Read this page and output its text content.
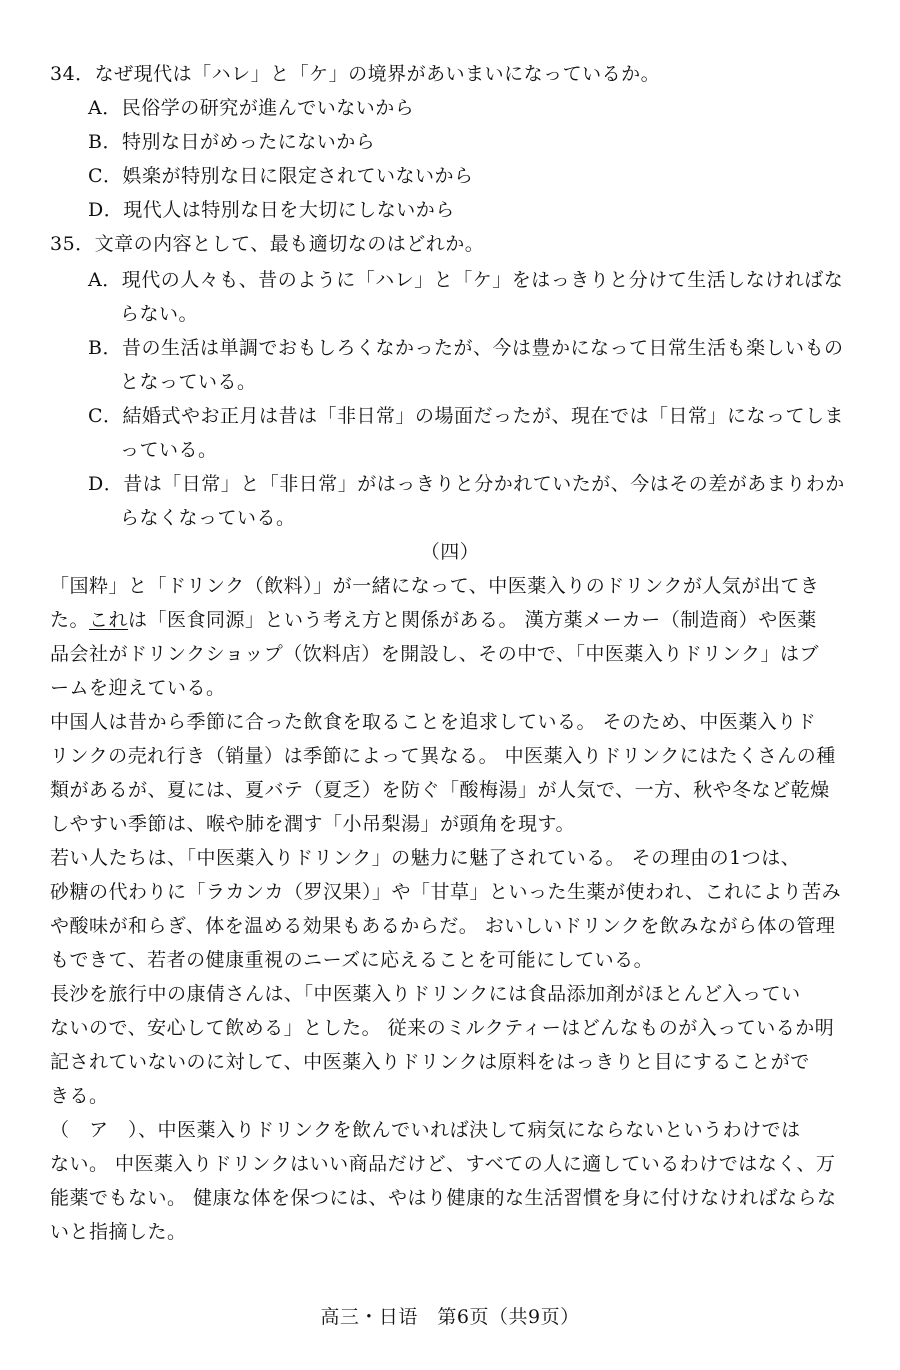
34．なぜ現代は「ハレ」と「ケ」の境界があいまいになっているか。
A．民俗学の研究が進んでいないから
B．特別な日がめったにないから
C．娯楽が特別な日に限定されていないから
D．現代人は特別な日を大切にしないから
35．文章の内容として、最も適切なのはどれか。
A．現代の人々も、昔のように「ハレ」と「ケ」をはっきりと分けて生活しなければな
らない。
B．昔の生活は単調でおもしろくなかったが、今は豊かになって日常生活も楽しいもの
となっている。
C．結婚式やお正月は昔は「非日常」の場面だったが、現在では「日常」になってしま
っている。
D．昔は「日常」と「非日常」がはっきりと分かれていたが、今はその差があまりわか
らなくなっている。
（四）
「国粋」と「ドリンク（飲料）」が一緒になって、中医薬入りのドリンクが人気が出てき
た。これは「医食同源」という考え方と関係がある。 漢方薬メーカー（制造商）や医薬
品会社がドリンクショップ（饮料店）を開設し、その中で、「中医薬入りドリンク」はブ
ームを迎えている。
中国人は昔から季節に合った飲食を取ることを追求している。 そのため、中医薬入りド
リンクの売れ行き（销量）は季節によって異なる。 中医薬入りドリンクにはたくさんの種
類があるが、夏には、夏バテ（夏乏）を防ぐ「酸梅湯」が人気で、一方、秋や冬など乾燥
しやすい季節は、喉や肺を潤す「小吊梨湯」が頭角を現す。
若い人たちは、「中医薬入りドリンク」の魅力に魅了されている。 その理由の1つは、
砂糖の代わりに「ラカンカ（罗汉果）」や「甘草」といった生薬が使われ、これにより苦み
や酸味が和らぎ、体を温める効果もあるからだ。 おいしいドリンクを飲みながら体の管理
もできて、若者の健康重視のニーズに応えることを可能にしている。
長沙を旅行中の康倩さんは、「中医薬入りドリンクには食品添加剤がほとんど入ってい
ないので、安心して飲める」とした。 従来のミルクティーはどんなものが入っているか明
記されていないのに対して、中医薬入りドリンクは原料をはっきりと目にすることがで
きる。
（　ア　）、中医薬入りドリンクを飲んでいれば決して病気にならないというわけでは
ない。 中医薬入りドリンクはいい商品だけど、すべての人に適しているわけではなく、万
能薬でもない。 健康な体を保つには、やはり健康的な生活習慣を身に付けなければならな
いと指摘した。
高三・日语　第6页（共9页）
